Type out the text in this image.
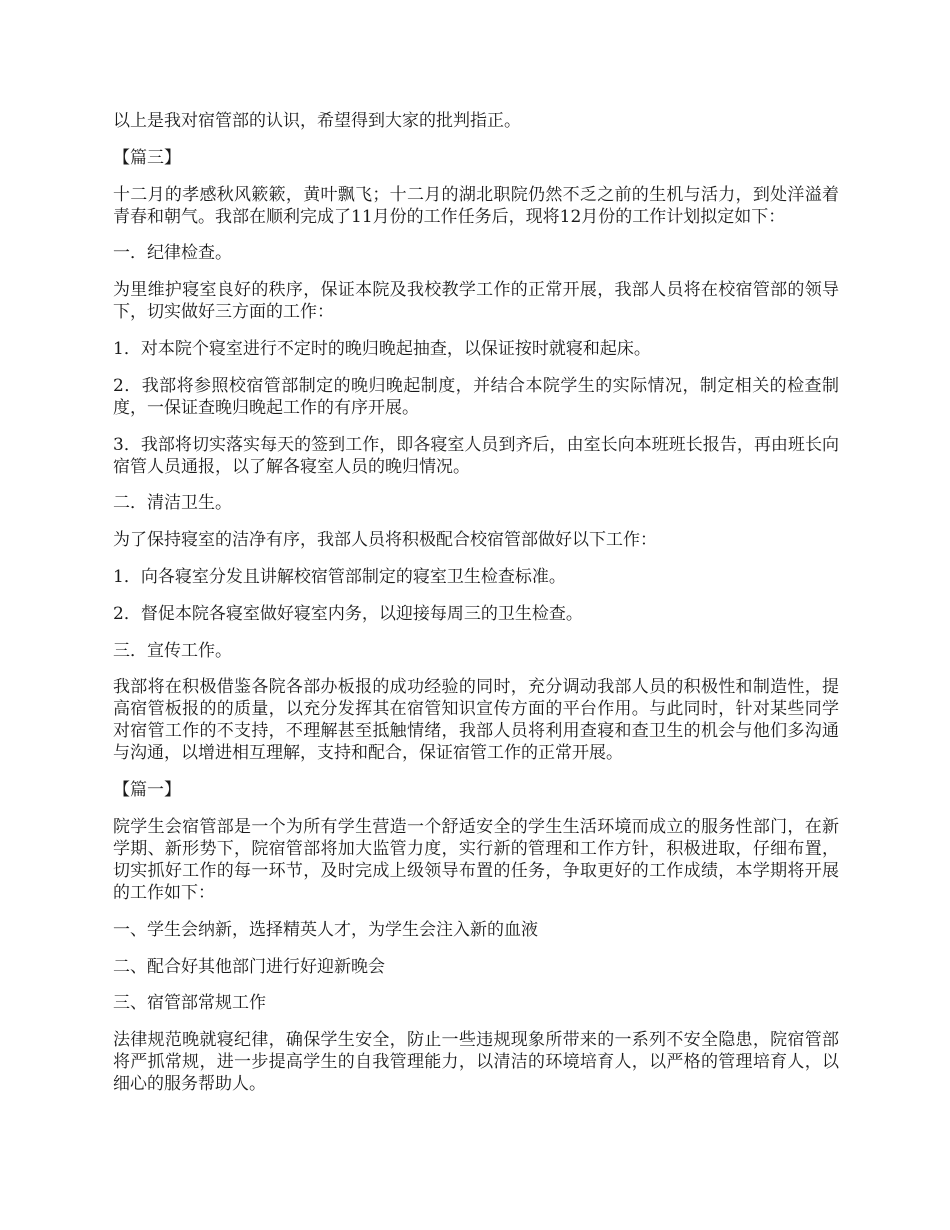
以上是我对宿管部的认识，希望得到大家的批判指正。

【篇三】

十二月的孝感秋风簌簌，黄叶飘飞；十二月的湖北职院仍然不乏之前的生机与活力，到处洋溢着青春和朝气。我部在顺利完成了11月份的工作任务后，现将12月份的工作计划拟定如下：

一．纪律检查。

为里维护寝室良好的秩序，保证本院及我校教学工作的正常开展，我部人员将在校宿管部的领导下，切实做好三方面的工作：

1．对本院个寝室进行不定时的晚归晚起抽查，以保证按时就寝和起床。

2．我部将参照校宿管部制定的晚归晚起制度，并结合本院学生的实际情况，制定相关的检查制度，一保证查晚归晚起工作的有序开展。

3．我部将切实落实每天的签到工作，即各寝室人员到齐后，由室长向本班班长报告，再由班长向宿管人员通报，以了解各寝室人员的晚归情况。

二．清洁卫生。

为了保持寝室的洁净有序，我部人员将积极配合校宿管部做好以下工作：

1．向各寝室分发且讲解校宿管部制定的寝室卫生检查标准。

2．督促本院各寝室做好寝室内务，以迎接每周三的卫生检查。

三．宣传工作。

我部将在积极借鉴各院各部办板报的成功经验的同时，充分调动我部人员的积极性和制造性，提高宿管板报的的质量，以充分发挥其在宿管知识宣传方面的平台作用。与此同时，针对某些同学对宿管工作的不支持，不理解甚至抵触情绪，我部人员将利用查寝和查卫生的机会与他们多沟通与沟通，以增进相互理解，支持和配合，保证宿管工作的正常开展。

【篇一】

院学生会宿管部是一个为所有学生营造一个舒适安全的学生生活环境而成立的服务性部门，在新学期、新形势下，院宿管部将加大监管力度，实行新的管理和工作方针，积极进取，仔细布置，切实抓好工作的每一环节，及时完成上级领导布置的任务，争取更好的工作成绩，本学期将开展的工作如下：

一、学生会纳新，选择精英人才，为学生会注入新的血液

二、配合好其他部门进行好迎新晚会

三、宿管部常规工作

法律规范晚就寝纪律，确保学生安全，防止一些违规现象所带来的一系列不安全隐患，院宿管部将严抓常规，进一步提高学生的自我管理能力，以清洁的环境培育人，以严格的管理培育人，以细心的服务帮助人。
